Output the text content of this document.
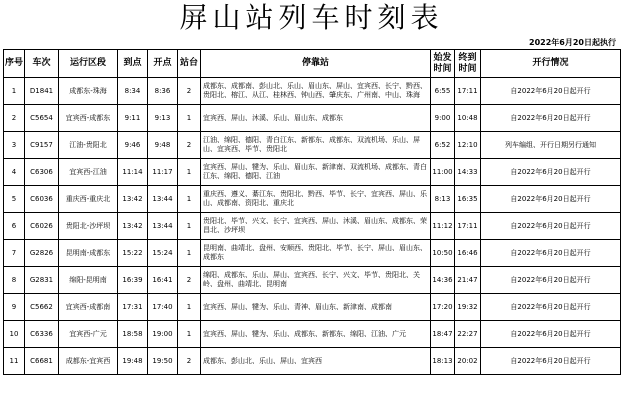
屏山站列车时刻表
2022年6月20日起执行
序号	车次	运行区段	到点	开点	站台	停靠站	始发时间	终到时间	开行情况
1	D1841	成都东-珠海	8:34	8:36	2	成都东、成都南、彭山北、乐山、眉山东、屏山、宜宾西、长宁、黔西、贵阳北、榕江、从江、桂林西、钟山西、肇庆东、广州南、中山、珠海	6:55	17:11	自2022年6月20日起开行
2	C5654	宜宾西-成都东	9:11	9:13	1	宜宾西、屏山、沐溪、乐山、眉山东、成都东	9:00	10:48	自2022年6月20日起开行
3	C9157	江油-贵阳北	9:46	9:48	2	江油、绵阳、德阳、青白江东、新都东、成都东、双流机场、乐山、屏山、宜宾西、毕节、贵阳北	6:52	12:10	列车编组、开行日期另行通知
4	C6306	宜宾西-江油	11:14	11:17	1	宜宾西、屏山、犍为、乐山、眉山东、新津南、双流机场、成都东、青白江东、绵阳、德阳、江油	11:00	14:33	自2022年6月20日起开行
5	C6036	重庆西-重庆北	13:42	13:44	1	重庆西、遵义、綦江东、贵阳北、黔西、毕节、长宁、宜宾西、屏山、乐山、成都南、资阳北、重庆北	8:13	16:35	自2022年6月20日起开行
6	C6026	贵阳北-沙坪坝	13:42	13:44	1	贵阳北、毕节、兴文、长宁、宜宾西、屏山、沐溪、眉山东、成都东、荣昌北、沙坪坝	11:12	17:11	自2022年6月20日起开行
7	G2826	昆明南-成都东	15:22	15:24	1	昆明南、曲靖北、盘州、安顺西、贵阳北、毕节、长宁、屏山、眉山东、成都东	10:50	16:46	自2022年6月20日起开行
8	G2831	绵阳-昆明南	16:39	16:41	2	绵阳、成都东、乐山、屏山、宜宾西、长宁、兴文、毕节、贵阳北、关岭、盘州、曲靖北、昆明南	14:36	21:47	自2022年6月20日起开行
9	C5662	宜宾西-成都南	17:31	17:40	1	宜宾西、屏山、犍为、乐山、青神、眉山东、新津南、成都南	17:20	19:32	自2022年6月20日起开行
10	C6336	宜宾西-广元	18:58	19:00	1	宜宾西、屏山、犍为、乐山、成都东、新都东、绵阳、江油、广元	18:47	22:27	自2022年6月20日起开行
11	C6681	成都东-宜宾西	19:48	19:50	2	成都东、彭山北、乐山、屏山、宜宾西	18:13	20:02	自2022年6月20日起开行
